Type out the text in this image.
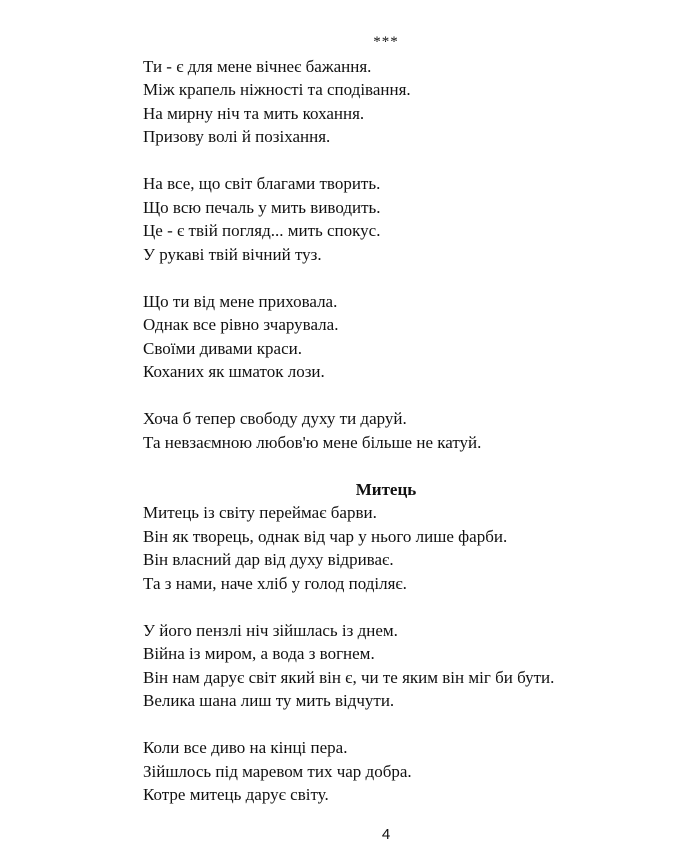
***
Ти - є для мене вічнеє бажання.
Між крапель ніжності та сподівання.
На мирну ніч та мить кохання.
Призову волі й позіхання.
На все, що світ благами творить.
Що всю печаль у мить виводить.
Це - є твій погляд... мить спокус.
У рукаві твій вічний туз.
Що ти від мене приховала.
Однак все рівно зчарувала.
Своїми дивами краси.
Коханих як шматок лози.
Хоча б тепер свободу духу ти даруй.
Та невзаємною любов'ю мене більше не катуй.
Митець
Митець із світу переймає барви.
Він як творець, однак від чар у нього лише фарби.
Він власний дар від духу відриває.
Та з нами, наче хліб у голод поділяє.
У його пензлі ніч зійшлась із днем.
Війна із миром, а вода з вогнем.
Він нам дарує світ який він є, чи те яким він міг би бути.
Велика шана лиш ту мить відчути.
Коли все диво на кінці пера.
Зійшлось під маревом тих чар добра.
Котре митець дарує світу.
4
